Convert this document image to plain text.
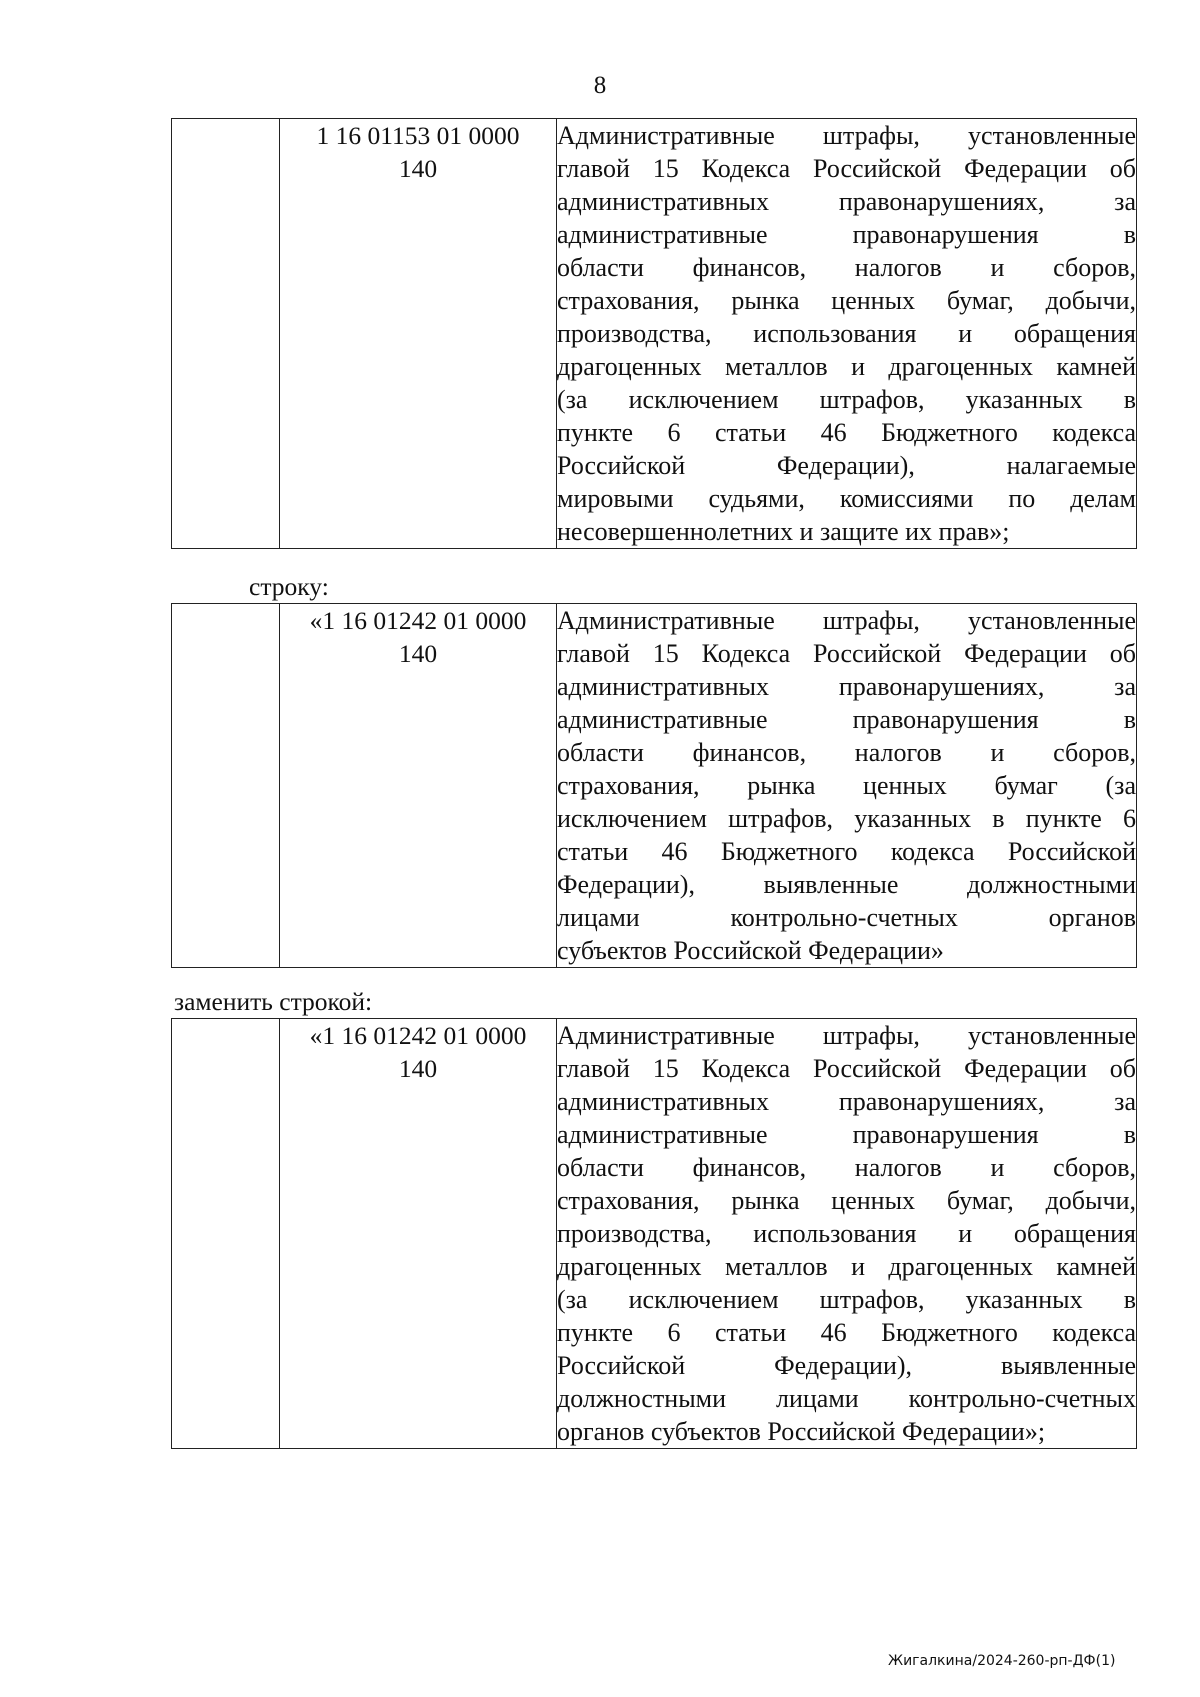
8

1 16 01153 01 0000
140

Административные штрафы, установленные
главой 15 Кодекса Российской Федерации об
административных правонарушениях, за
административные правонарушения в
области финансов, налогов и сборов,
страхования, рынка ценных бумаг, добычи,
производства, использования и обращения
драгоценных металлов и драгоценных камней
(за исключением штрафов, указанных в
пункте 6 статьи 46 Бюджетного кодекса
Российской Федерации), налагаемые
мировыми судьями, комиссиями по делам
несовершеннолетних и защите их прав»;
строку:

«1 16 01242 01 0000
140

Административные штрафы, установленные
главой 15 Кодекса Российской Федерации об
административных правонарушениях, за
административные правонарушения в
области финансов, налогов и сборов,
страхования, рынка ценных бумаг (за
исключением штрафов, указанных в пункте 6
статьи 46 Бюджетного кодекса Российской
Федерации), выявленные должностными
лицами контрольно-счетных органов
субъектов Российской Федерации»
заменить строкой:

«1 16 01242 01 0000
140

Административные штрафы, установленные
главой 15 Кодекса Российской Федерации об
административных правонарушениях, за
административные правонарушения в
области финансов, налогов и сборов,
страхования, рынка ценных бумаг, добычи,
производства, использования и обращения
драгоценных металлов и драгоценных камней
(за исключением штрафов, указанных в
пункте 6 статьи 46 Бюджетного кодекса
Российской Федерации), выявленные
должностными лицами контрольно-счетных
органов субъектов Российской Федерации»;
Жигалкина/2024-260-рп-ДФ(1)
